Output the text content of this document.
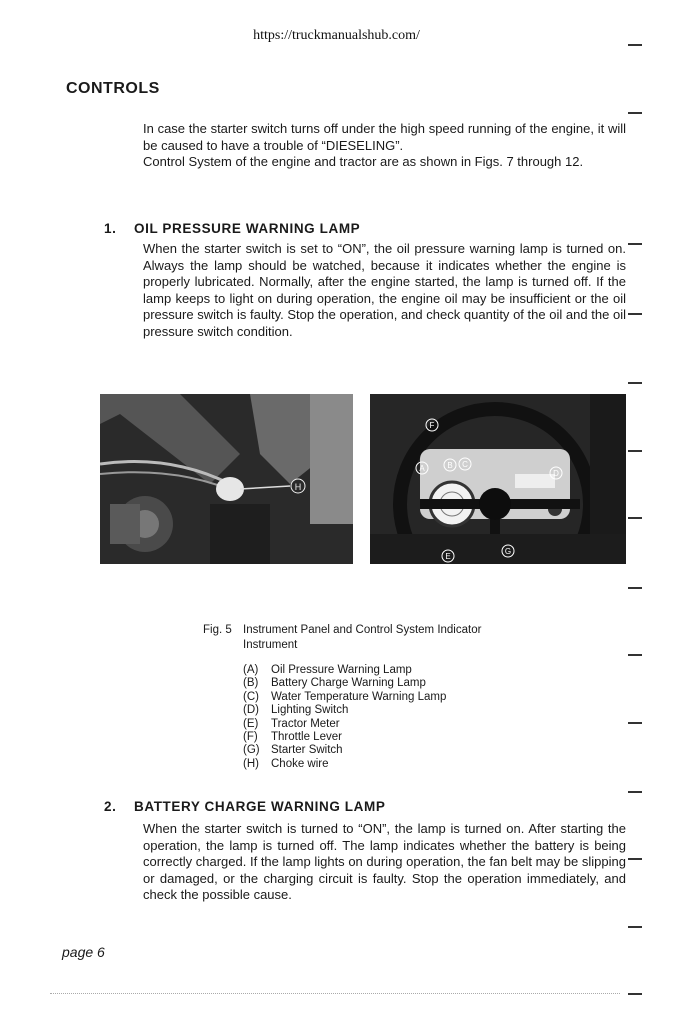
https://truckmanualshub.com/
CONTROLS

In case the starter switch turns off under the high speed running of the engine, it will be caused to have a trouble of “DIESELING”.

Control System of the engine and tractor are as shown in Figs. 7 through 12.

1. OIL PRESSURE WARNING LAMP
When the starter switch is set to “ON”, the oil pressure warning lamp is turned on. Always the lamp should be watched, because it indicates whether the engine is properly lubricated. Normally, after the engine started, the lamp is turned off. If the lamp keeps to light on during operation, the engine oil may be insufficient or the oil pressure switch is faulty. Stop the operation, and check quantity of the oil and the oil pressure switch condition.
H
F
A	B C
D
E
G
Fig. 5 Instrument Panel and Control System Indicator
Instrument
(A) Oil Pressure Warning Lamp
(B) Battery Charge Warning Lamp
(C) Water Temperature Warning Lamp
(D) Lighting Switch
(E) Tractor Meter
(F) Throttle Lever
(G) Starter Switch
(H) Choke wire
2. BATTERY CHARGE WARNING LAMP
When the starter switch is turned to “ON”, the lamp is turned on. After starting the operation, the lamp is turned off. The lamp indicates whether the battery is being correctly charged. If the lamp lights on during operation, the fan belt may be slipping or damaged, or the charging circuit is faulty. Stop the operation immediately, and check the possible cause.
page 6
